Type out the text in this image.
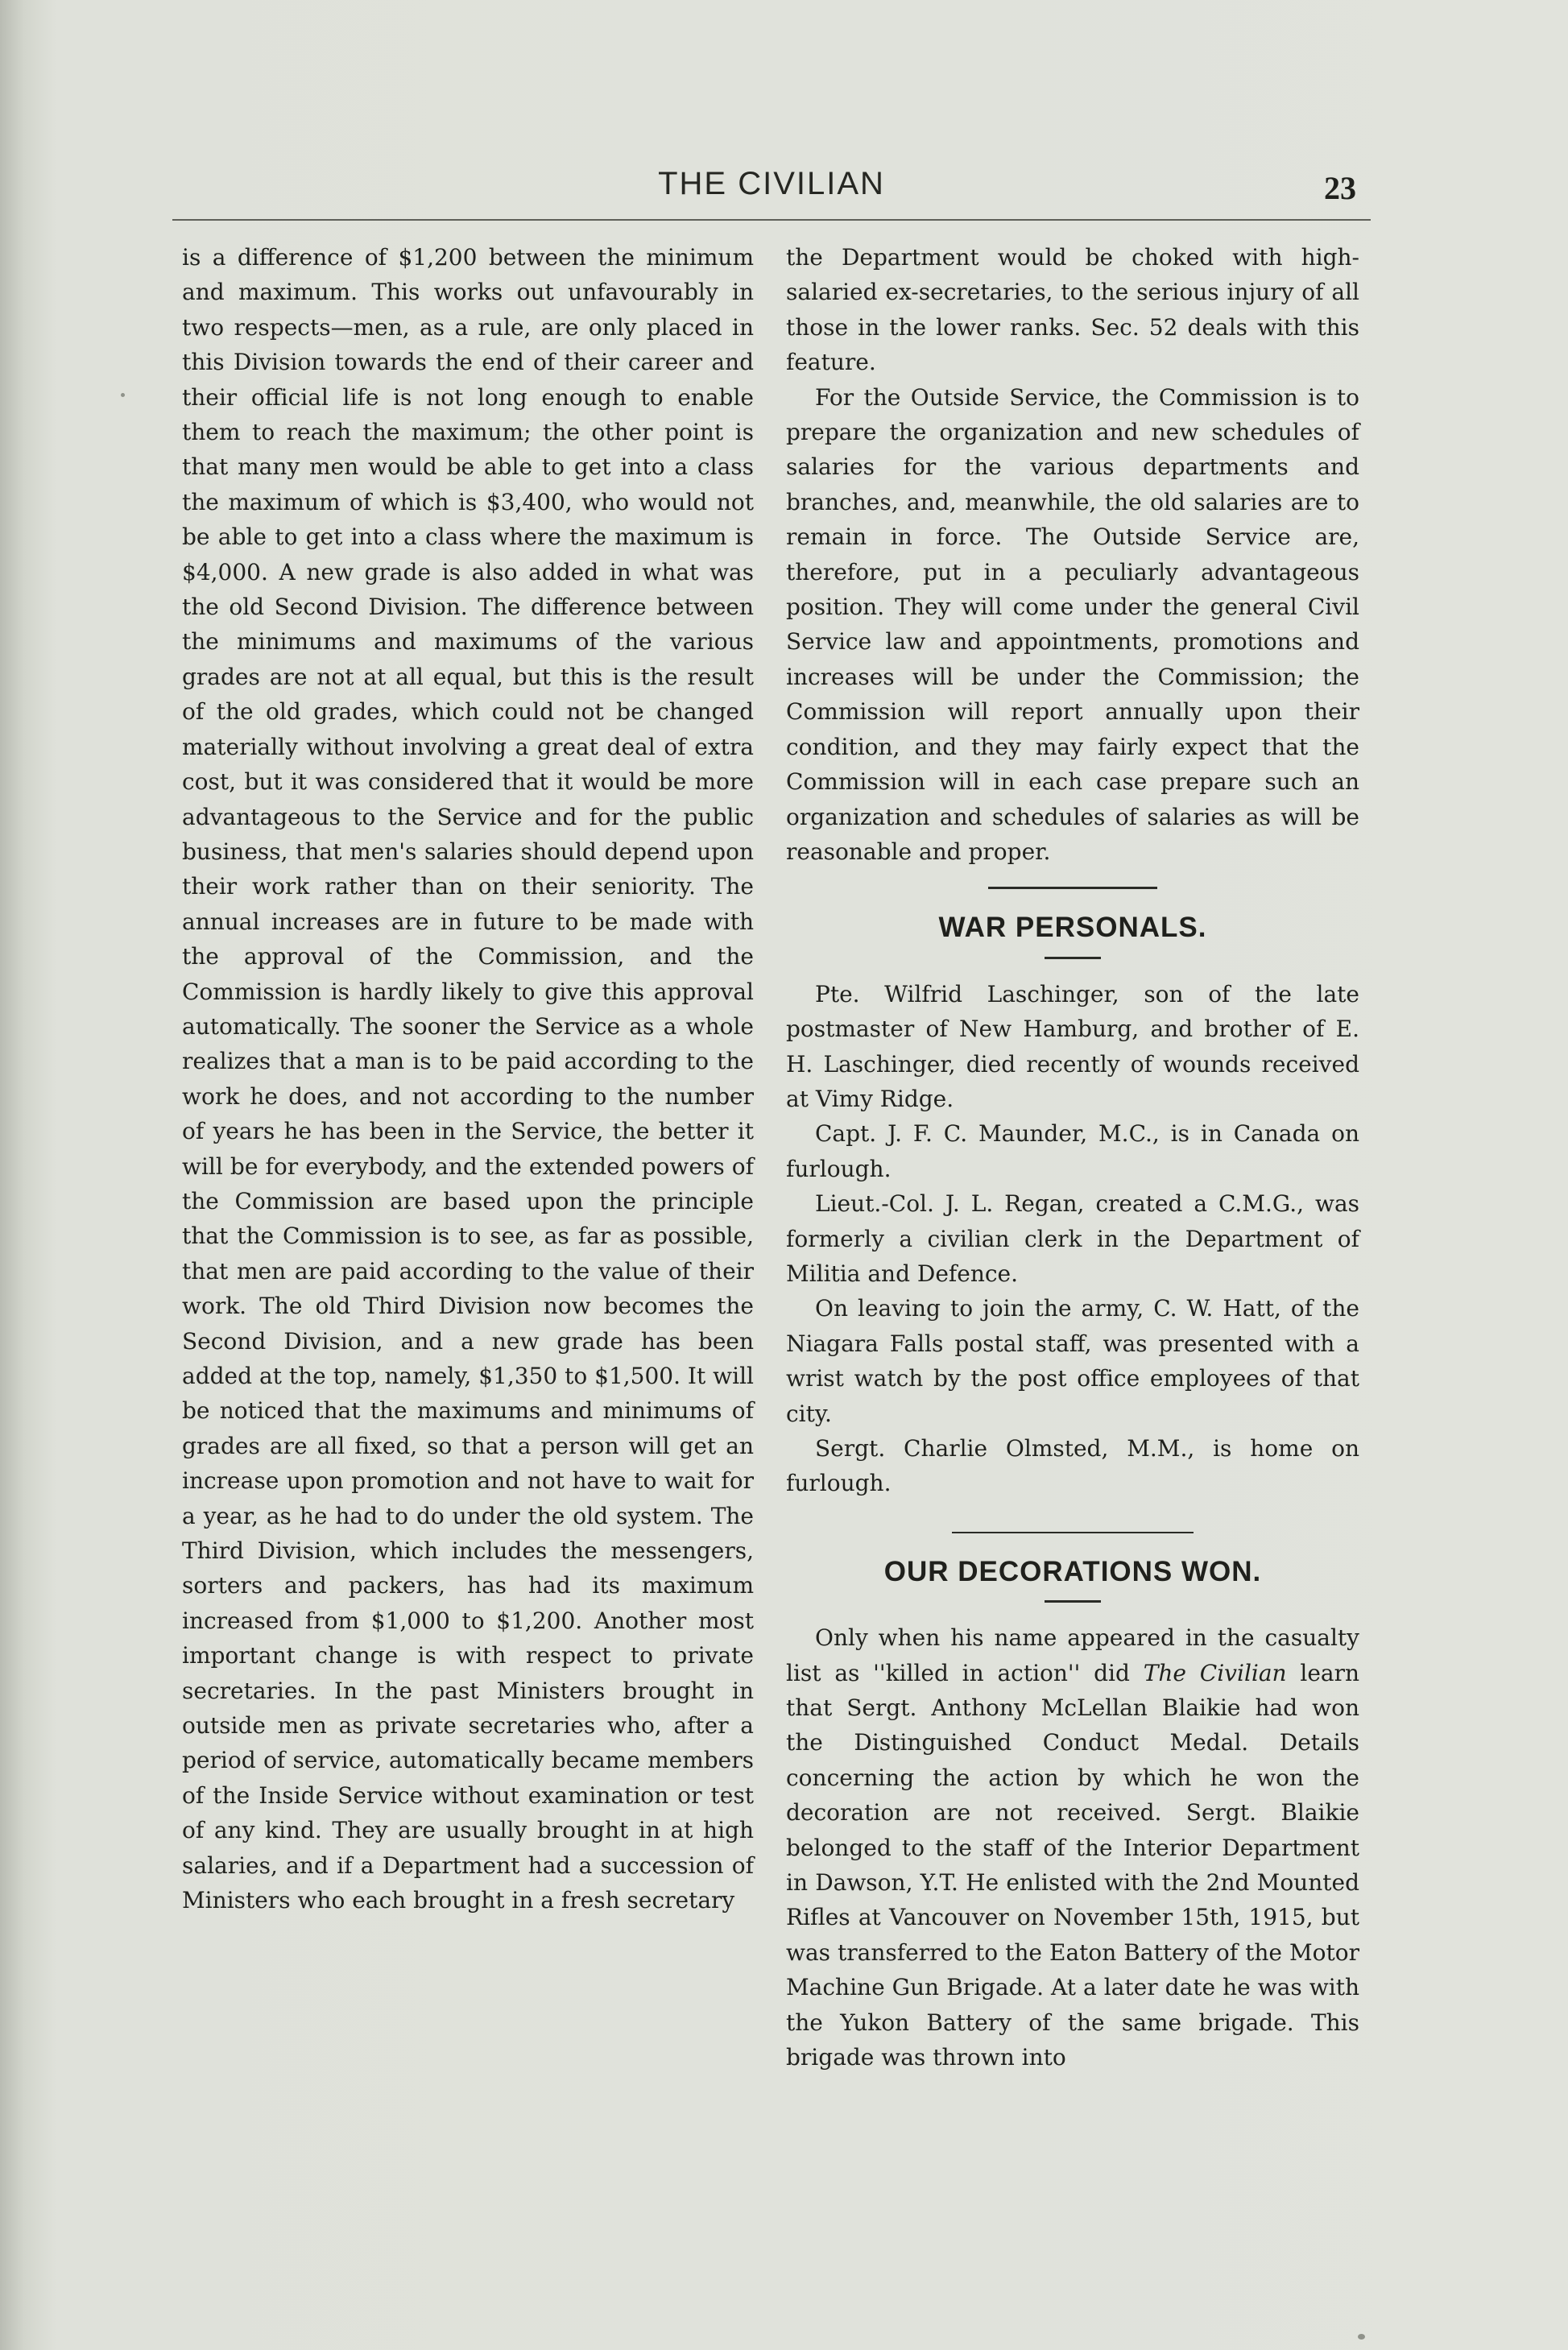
THE CIVILIAN	23

is a difference of $1,200 between the minimum and maximum. This works out unfavourably in two respects—men, as a rule, are only placed in this Division towards the end of their career and their official life is not long enough to enable them to reach the maximum; the other point is that many men would be able to get into a class the maximum of which is $3,400, who would not be able to get into a class where the maximum is $4,000. A new grade is also added in what was the old Second Division. The difference between the minimums and maximums of the various grades are not at all equal, but this is the result of the old grades, which could not be changed materially without involving a great deal of extra cost, but it was considered that it would be more advantageous to the Service and for the public business, that men's salaries should depend upon their work rather than on their seniority. The annual increases are in future to be made with the approval of the Commission, and the Commission is hardly likely to give this approval automatically. The sooner the Service as a whole realizes that a man is to be paid according to the work he does, and not according to the number of years he has been in the Service, the better it will be for everybody, and the extended powers of the Commission are based upon the principle that the Commission is to see, as far as possible, that men are paid according to the value of their work. The old Third Division now becomes the Second Division, and a new grade has been added at the top, namely, $1,350 to $1,500. It will be noticed that the maximums and minimums of grades are all fixed, so that a person will get an increase upon promotion and not have to wait for a year, as he had to do under the old system. The Third Division, which includes the messengers, sorters and packers, has had its maximum increased from $1,000 to $1,200. Another most important change is with respect to private secretaries. In the past Ministers brought in outside men as private secretaries who, after a period of service, automatically became members of the Inside Service without examination or test of any kind. They are usually brought in at high salaries, and if a Department had a succession of Ministers who each brought in a fresh secretary

the Department would be choked with high-salaried ex-secretaries, to the serious injury of all those in the lower ranks. Sec. 52 deals with this feature.

For the Outside Service, the Commission is to prepare the organization and new schedules of salaries for the various departments and branches, and, meanwhile, the old salaries are to remain in force. The Outside Service are, therefore, put in a peculiarly advantageous position. They will come under the general Civil Service law and appointments, promotions and increases will be under the Commission; the Commission will report annually upon their condition, and they may fairly expect that the Commission will in each case prepare such an organization and schedules of salaries as will be reasonable and proper.

WAR PERSONALS.

Pte. Wilfrid Laschinger, son of the late postmaster of New Hamburg, and brother of E. H. Laschinger, died recently of wounds received at Vimy Ridge.

Capt. J. F. C. Maunder, M.C., is in Canada on furlough.

Lieut.-Col. J. L. Regan, created a C.M.G., was formerly a civilian clerk in the Department of Militia and Defence.

On leaving to join the army, C. W. Hatt, of the Niagara Falls postal staff, was presented with a wrist watch by the post office employees of that city.

Sergt. Charlie Olmsted, M.M., is home on furlough.

OUR DECORATIONS WON.

Only when his name appeared in the casualty list as ''killed in action'' did The Civilian learn that Sergt. Anthony McLellan Blaikie had won the Distinguished Conduct Medal. Details concerning the action by which he won the decoration are not received. Sergt. Blaikie belonged to the staff of the Interior Department in Dawson, Y.T. He enlisted with the 2nd Mounted Rifles at Vancouver on November 15th, 1915, but was transferred to the Eaton Battery of the Motor Machine Gun Brigade. At a later date he was with the Yukon Battery of the same brigade. This brigade was thrown into
